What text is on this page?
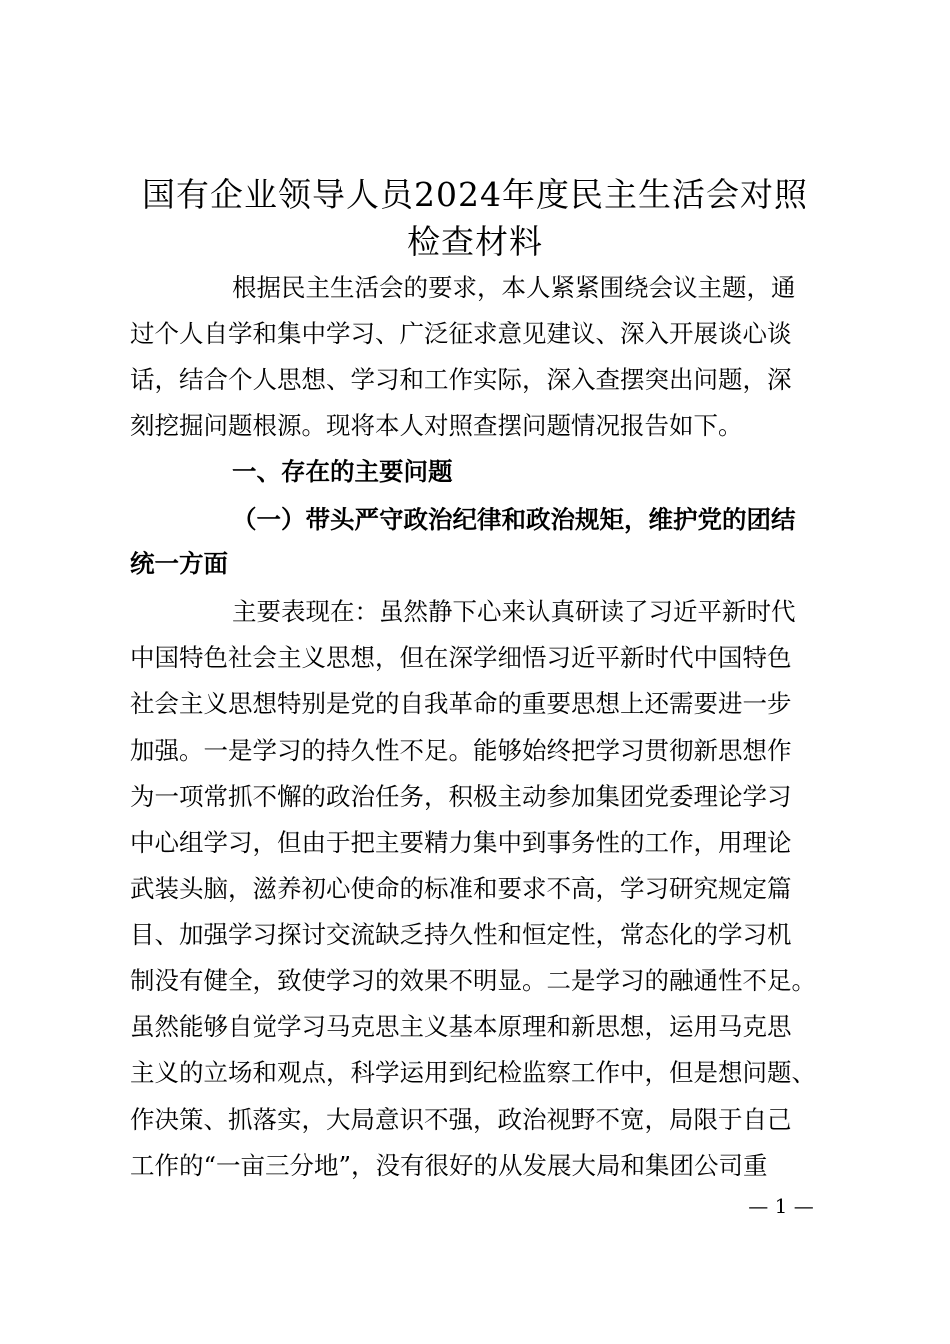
国有企业领导人员2024年度民主生活会对照
检查材料
根据民主生活会的要求，本人紧紧围绕会议主题，通
过个人自学和集中学习、广泛征求意见建议、深入开展谈心谈
话，结合个人思想、学习和工作实际，深入查摆突出问题，深
刻挖掘问题根源。现将本人对照查摆问题情况报告如下。
一、存在的主要问题
（一）带头严守政治纪律和政治规矩，维护党的团结
统一方面
主要表现在：虽然静下心来认真研读了习近平新时代
中国特色社会主义思想，但在深学细悟习近平新时代中国特色
社会主义思想特别是党的自我革命的重要思想上还需要进一步
加强。一是学习的持久性不足。能够始终把学习贯彻新思想作
为一项常抓不懈的政治任务，积极主动参加集团党委理论学习
中心组学习，但由于把主要精力集中到事务性的工作，用理论
武装头脑，滋养初心使命的标准和要求不高，学习研究规定篇
目、加强学习探讨交流缺乏持久性和恒定性，常态化的学习机
制没有健全，致使学习的效果不明显。二是学习的融通性不足。
虽然能够自觉学习马克思主义基本原理和新思想，运用马克思
主义的立场和观点，科学运用到纪检监察工作中，但是想问题、
作决策、抓落实，大局意识不强，政治视野不宽，局限于自己
工作的“一亩三分地”，没有很好的从发展大局和集团公司重
— 1 —
